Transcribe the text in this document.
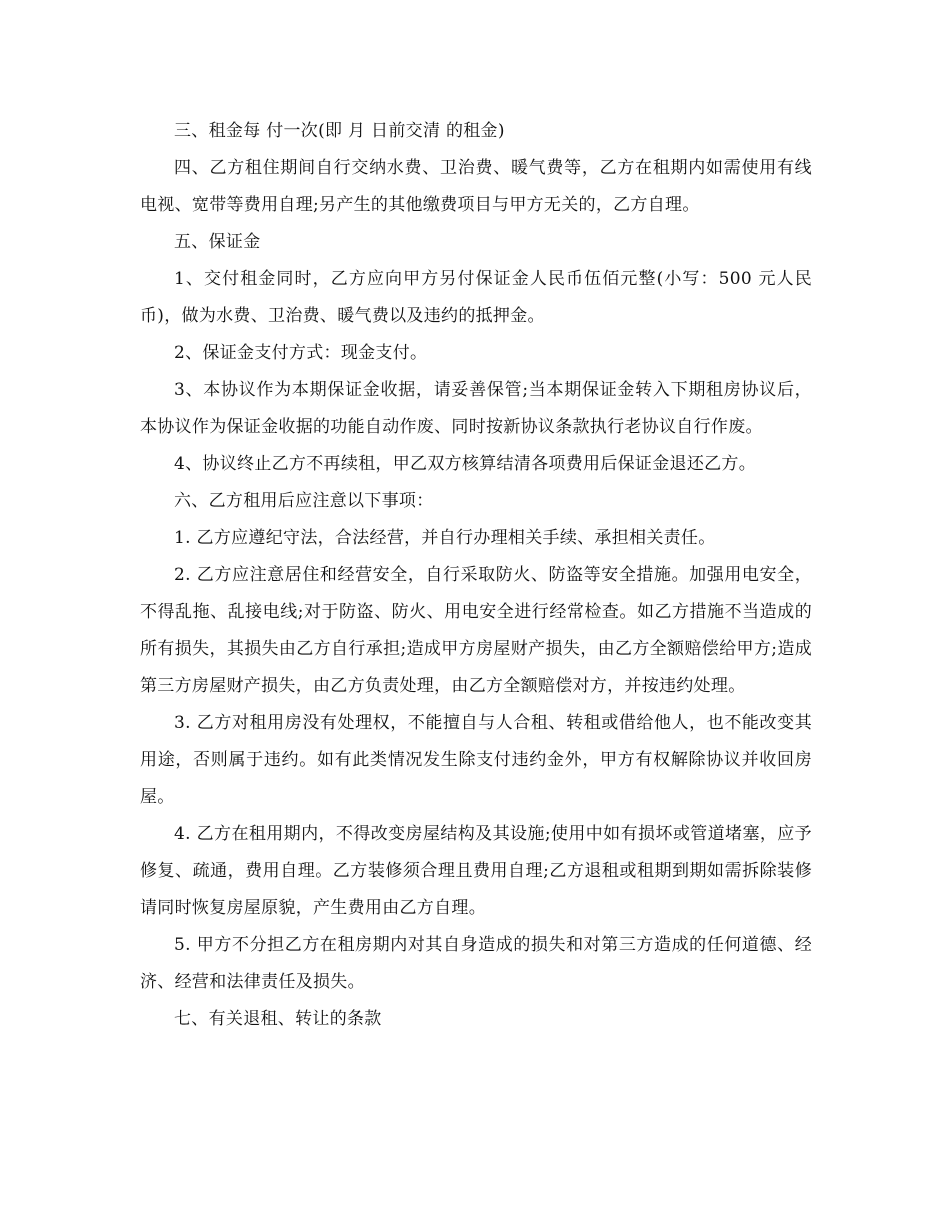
三、租金每 付一次(即 月 日前交清 的租金)

四、乙方租住期间自行交纳水费、卫治费、暖气费等，乙方在租期内如需使用有线电视、宽带等费用自理;另产生的其他缴费项目与甲方无关的，乙方自理。

五、保证金

1、交付租金同时，乙方应向甲方另付保证金人民币伍佰元整(小写：500 元人民币)，做为水费、卫治费、暖气费以及违约的抵押金。

2、保证金支付方式：现金支付。

3、本协议作为本期保证金收据，请妥善保管;当本期保证金转入下期租房协议后，本协议作为保证金收据的功能自动作废、同时按新协议条款执行老协议自行作废。

4、协议终止乙方不再续租，甲乙双方核算结清各项费用后保证金退还乙方。

六、乙方租用后应注意以下事项：

1. 乙方应遵纪守法，合法经营，并自行办理相关手续、承担相关责任。

2. 乙方应注意居住和经营安全，自行采取防火、防盗等安全措施。加强用电安全，不得乱拖、乱接电线;对于防盗、防火、用电安全进行经常检查。如乙方措施不当造成的所有损失，其损失由乙方自行承担;造成甲方房屋财产损失，由乙方全额赔偿给甲方;造成第三方房屋财产损失，由乙方负责处理，由乙方全额赔偿对方，并按违约处理。

3. 乙方对租用房没有处理权，不能擅自与人合租、转租或借给他人，也不能改变其用途，否则属于违约。如有此类情况发生除支付违约金外，甲方有权解除协议并收回房屋。

4. 乙方在租用期内，不得改变房屋结构及其设施;使用中如有损坏或管道堵塞，应予修复、疏通，费用自理。乙方装修须合理且费用自理;乙方退租或租期到期如需拆除装修请同时恢复房屋原貌，产生费用由乙方自理。

5. 甲方不分担乙方在租房期内对其自身造成的损失和对第三方造成的任何道德、经济、经营和法律责任及损失。

七、有关退租、转让的条款
